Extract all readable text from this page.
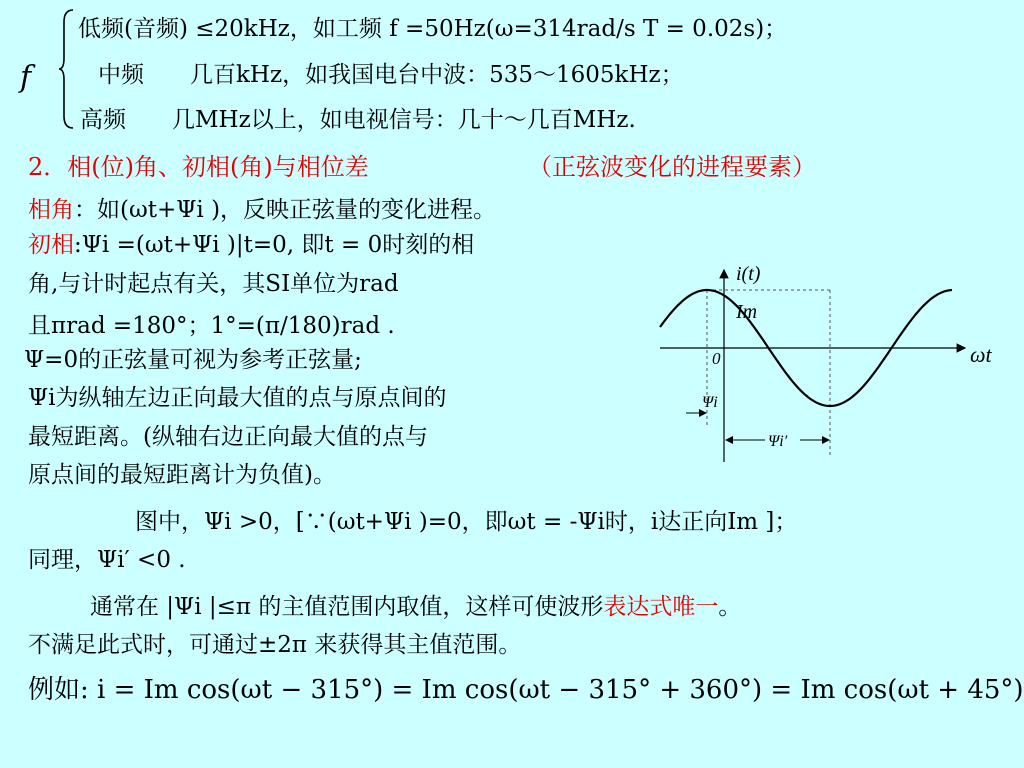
f
低频(音频) ≤20kHz，如工频 f =50Hz(ω=314rad/s T = 0.02s)；
中频　　几百kHz，如我国电台中波：535～1605kHz；
高频　　几MHz以上，如电视信号：几十～几百MHz.
2．相(位)角、初相(角)与相位差	（正弦波变化的进程要素）
相角：如(ωt+Ψi )，反映正弦量的变化进程。
初相:Ψi =(ωt+Ψi )|t=0, 即t = 0时刻的相
角,与计时起点有关，其SI单位为rad
且πrad =180°；1°=(π/180)rad .
Ψ=0的正弦量可视为参考正弦量;
Ψi为纵轴左边正向最大值的点与原点间的
最短距离。(纵轴右边正向最大值的点与
原点间的最短距离计为负值)。
i(t)
Im
0	ωt
Ψi
Ψi′
图中，Ψi >0，[∵(ωt+Ψi )=0，即ωt = -Ψi时，i达正向Im ]；
同理，Ψi′ <0 .
通常在 |Ψi |≤π 的主值范围内取值，这样可使波形表达式唯一。
不满足此式时，可通过±2π 来获得其主值范围。
例如: i = Im cos(ωt − 315°) = Im cos(ωt − 315° + 360°) = Im cos(ωt + 45°)
